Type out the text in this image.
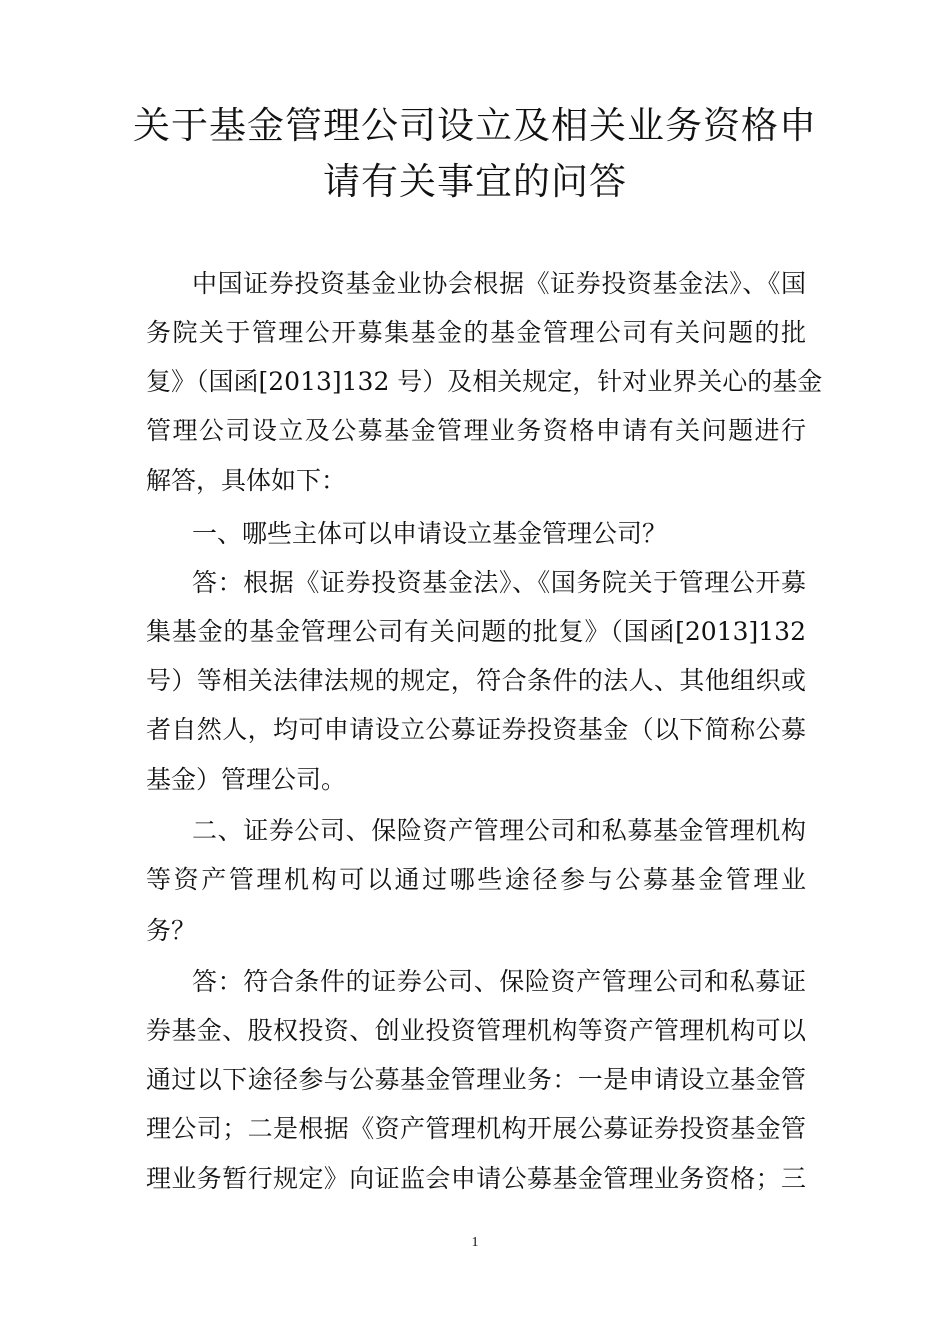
关于基金管理公司设立及相关业务资格申
请有关事宜的问答
中国证券投资基金业协会根据《证券投资基金法》、《国
务院关于管理公开募集基金的基金管理公司有关问题的批
复》（国函[2013]132 号）及相关规定，针对业界关心的基金
管理公司设立及公募基金管理业务资格申请有关问题进行
解答，具体如下：
一、哪些主体可以申请设立基金管理公司？
答：根据《证券投资基金法》、《国务院关于管理公开募
集基金的基金管理公司有关问题的批复》（国函[2013]132
号）等相关法律法规的规定，符合条件的法人、其他组织或
者自然人，均可申请设立公募证券投资基金（以下简称公募
基金）管理公司。
二、证券公司、保险资产管理公司和私募基金管理机构
等资产管理机构可以通过哪些途径参与公募基金管理业
务？
答：符合条件的证券公司、保险资产管理公司和私募证
券基金、股权投资、创业投资管理机构等资产管理机构可以
通过以下途径参与公募基金管理业务：一是申请设立基金管
理公司；二是根据《资产管理机构开展公募证券投资基金管
理业务暂行规定》向证监会申请公募基金管理业务资格；三
1
